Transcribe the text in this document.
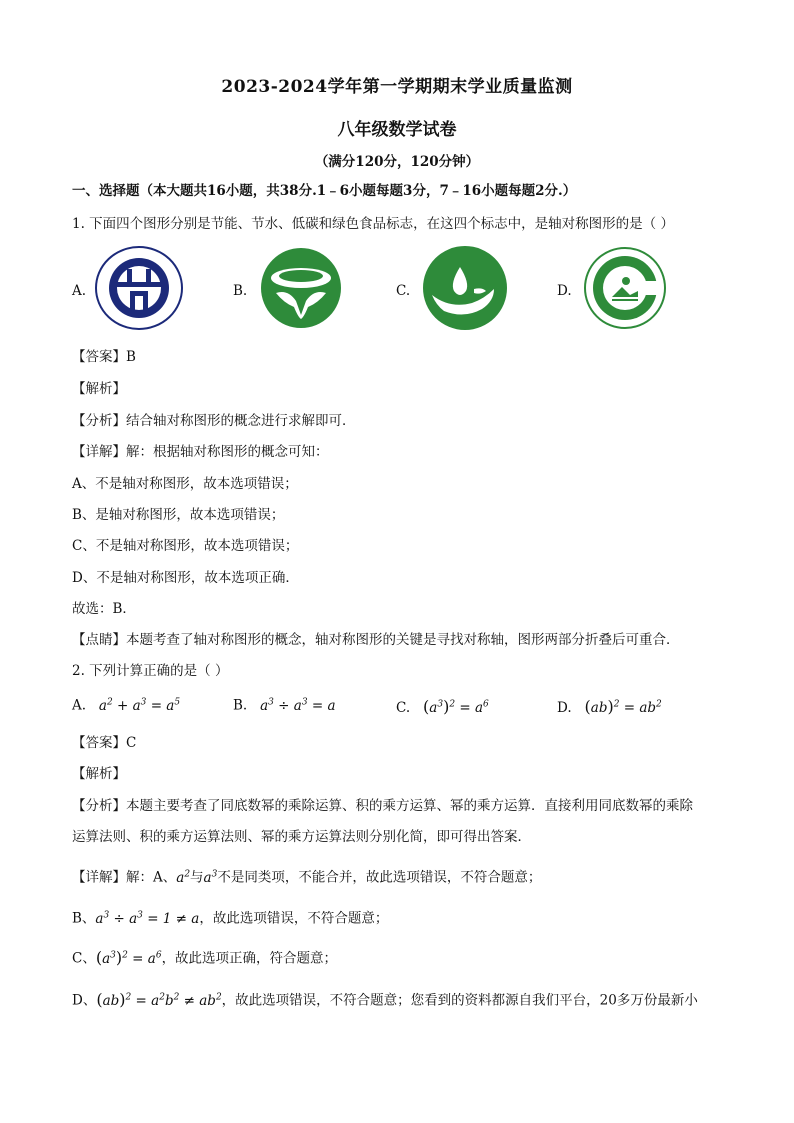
2023-2024学年第一学期期末学业质量监测
八年级数学试卷
（满分120分，120分钟）
一、选择题（本大题共16小题，共38分.1﹣6小题每题3分，7﹣16小题每题2分.）
1. 下面四个图形分别是节能、节水、低碳和绿色食品标志，在这四个标志中，是轴对称图形的是（ ）
A.	B.	C.	D.
【答案】B
【解析】
【分析】结合轴对称图形的概念进行求解即可．
【详解】解：根据轴对称图形的概念可知：
A、不是轴对称图形，故本选项错误；
B、是轴对称图形，故本选项错误；
C、不是轴对称图形，故本选项错误；
D、不是轴对称图形，故本选项正确．
故选：B．
【点睛】本题考查了轴对称图形的概念，轴对称图形的关键是寻找对称轴，图形两部分折叠后可重合．
2. 下列计算正确的是（ ）
A. $a^2 + a^3 = a^5$	B. $a^3 \div a^3 = a$	C. $(a^3)^2 = a^6$	D. $(ab)^2 = ab^2$
【答案】C
【解析】
【分析】本题主要考查了同底数幂的乘除运算、积的乘方运算、幂的乘方运算．直接利用同底数幂的乘除
运算法则、积的乘方运算法则、幂的乘方运算法则分别化简，即可得出答案．
【详解】解：A、$a^2$与$a^3$不是同类项，不能合并，故此选项错误，不符合题意；
B、$a^3 \div a^3 = 1 \ne a$，故此选项错误，不符合题意；
C、$(a^3)^2 = a^6$，故此选项正确，符合题意；
D、$(ab)^2 = a^2b^2 \ne ab^2$，故此选项错误，不符合题意；您看到的资料都源自我们平台，20多万份最新小
